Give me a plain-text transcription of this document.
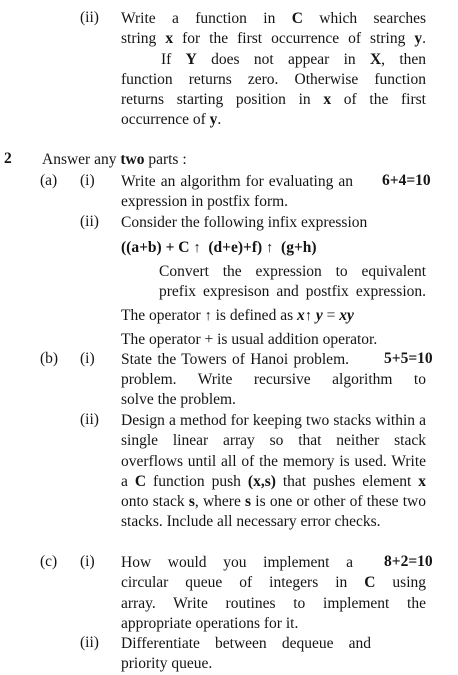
(ii) Write a function in C which searches
string x for the first occurrence of string y.
If Y does not appear in X, then
function returns zero. Otherwise function
returns starting position in x of the first
occurrence of y.
2 Answer any two parts :
(a) (i) Write an algorithm for evaluating an expression in postfix form.
6+4=10
(ii) Consider the following infix expression
((a+b) + C ↑ (d+e)+f) ↑ (g+h)
Convert the expression to equivalent prefix expresison and postfix expression.
The operator ↑ is defined as x↑ y = xy
The operator + is usual addition operator.
(b) (i) State the Towers of Hanoi problem.
problem. Write recursive algorithm to
solve the problem.
5+5=10
(ii) Design a method for keeping two stacks within a single linear array so that neither stack overflows until all of the memory is used. Write a C function push (x,s) that pushes element x onto stack s, where s is one or other of these two stacks. Include all necessary error checks.
(c) (i) How would you implement a
circular queue of integers in C using
array. Write routines to implement the
appropriate operations for it.
8+2=10
(ii) Differentiate between dequeue and priority queue.
